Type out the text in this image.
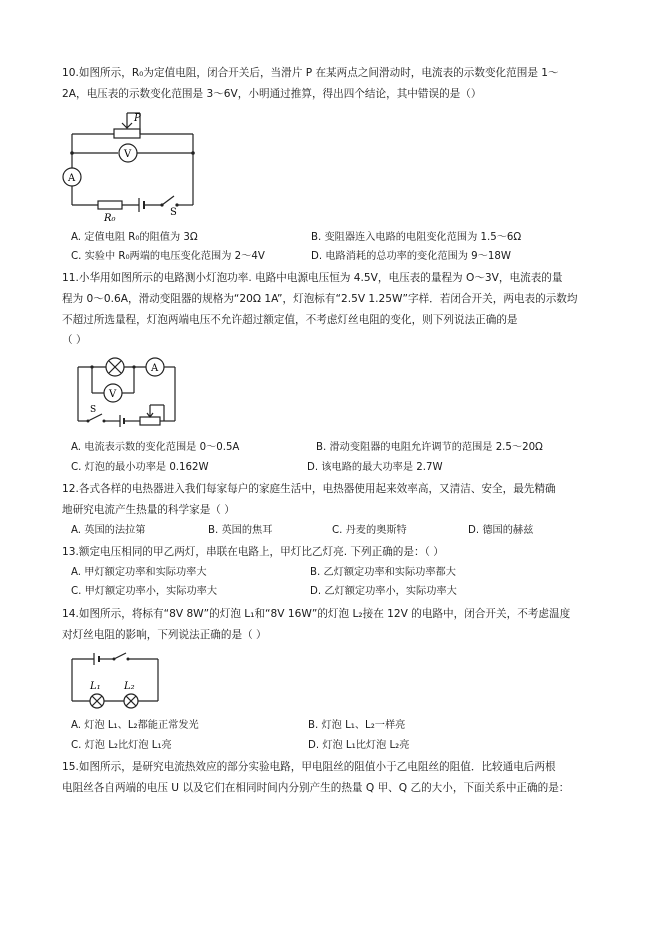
10.如图所示，R₀为定值电阻，闭合开关后，当滑片 P 在某两点之间滑动时，电流表的示数变化范围是 1～
2A，电压表的示数变化范围是 3～6V，小明通过推算，得出四个结论，其中错误的是（）
P
V
A
R₀
S
A. 定值电阻 R₀的阻值为 3Ω	B. 变阻器连入电路的电阻变化范围为 1.5～6Ω
C. 实验中 R₀两端的电压变化范围为 2～4V	D. 电路消耗的总功率的变化范围为 9～18W
11.小华用如图所示的电路测小灯泡功率. 电路中电源电压恒为 4.5V，电压表的量程为 O～3V，电流表的量
程为 0～0.6A，滑动变阻器的规格为“20Ω 1A”，灯泡标有“2.5V 1.25W”字样．若闭合开关，两电表的示数均
不超过所选量程，灯泡两端电压不允许超过额定值，不考虑灯丝电阻的变化，则下列说法正确的是
（ ）
A
V
S
A. 电流表示数的变化范围是 0～0.5A	B. 滑动变阻器的电阻允许调节的范围是 2.5～20Ω
C. 灯泡的最小功率是 0.162W	D. 该电路的最大功率是 2.7W
12.各式各样的电热器进入我们每家每户的家庭生活中，电热器使用起来效率高，又清洁、安全，最先精确
地研究电流产生热量的科学家是（ ）
A. 英国的法拉第	B. 英国的焦耳	C. 丹麦的奥斯特	D. 德国的赫兹
13.额定电压相同的甲乙两灯，串联在电路上，甲灯比乙灯亮. 下列正确的是：（ ）
A. 甲灯额定功率和实际功率大	B. 乙灯额定功率和实际功率都大
C. 甲灯额定功率小，实际功率大	D. 乙灯额定功率小，实际功率大
14.如图所示，将标有“8V 8W”的灯泡 L₁和“8V 16W”的灯泡 L₂接在 12V 的电路中，闭合开关，不考虑温度
对灯丝电阻的影响，下列说法正确的是（ ）
L₁ L₂
A. 灯泡 L₁、L₂都能正常发光	B. 灯泡 L₁、L₂一样亮
C. 灯泡 L₂比灯泡 L₁亮	D. 灯泡 L₁比灯泡 L₂亮
15.如图所示，是研究电流热效应的部分实验电路，甲电阻丝的阻值小于乙电阻丝的阻值．比较通电后两根
电阻丝各自两端的电压 U 以及它们在相同时间内分别产生的热量 Q 甲、Q 乙的大小，下面关系中正确的是：
